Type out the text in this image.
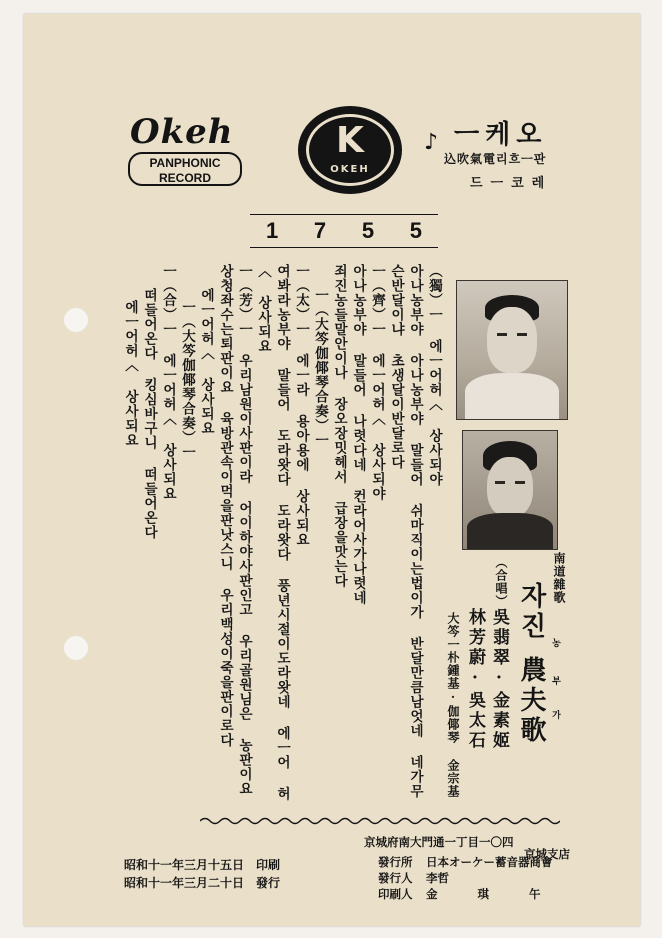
Okeh
PANPHONIC
RECORD
K
OKEH
♪ 오케ㅡ
판ㅡ흐리電氣吹込
레코ㅡ드
1 7 5 5
（獨）ㅡ 에ㅡ어허〈 상사되야
아나농부야 아나농부야 말들어 쉬마직이는법이가 반달만큼남엇네 네가무
슨반달이냐 초생달이반달로다
ㅡ（齊）ㅡ 에ㅡ어허〈 상사되야
아나농부야 말들어 나렷다네 컨라어사가나렷네
죄진농들말안이나 장오장밋헤서 급장을맛는다
ㅡ（大笒伽倻琴合奏）ㅡ
ㅡ（太）ㅡ 에ㅡ라 용아용에 상사되요
여봐라농부야 말들어 도라왓다 도라왓다 풍년시절이도라왓네 에ㅡ어 허
〈 상사되요
ㅡ（芳）ㅡ 우리남원이사판이라 어이하야사판인고 우리골원님은 농판이요
상청좌수는퇴판이요 육방관속이먹을판낫스니 우리백성이죽을판이로다
에ㅡ어허〈 상사되요
ㅡ（大笒伽倻琴合奏）ㅡ
ㅡ（合）ㅡ 에ㅡ어허〈 상사되요
떠들어온다 킹심바구니 떠들어온다
에ㅡ어허〈 상사되요
南道雜歌
자진
農夫歌
농
부
가
（合唱）
吳翡翠·金素姬
林芳蔚·吳太石
大笒ㅡ朴鍾基·伽倻琴 金宗基
京城府南大門通一丁目一〇四
京城支店
發行所 日本オーケー蓄音器商會
發行人 李哲
印刷人 金琪午
昭和十一年三月十五日 印刷
昭和十一年三月二十日 發行
